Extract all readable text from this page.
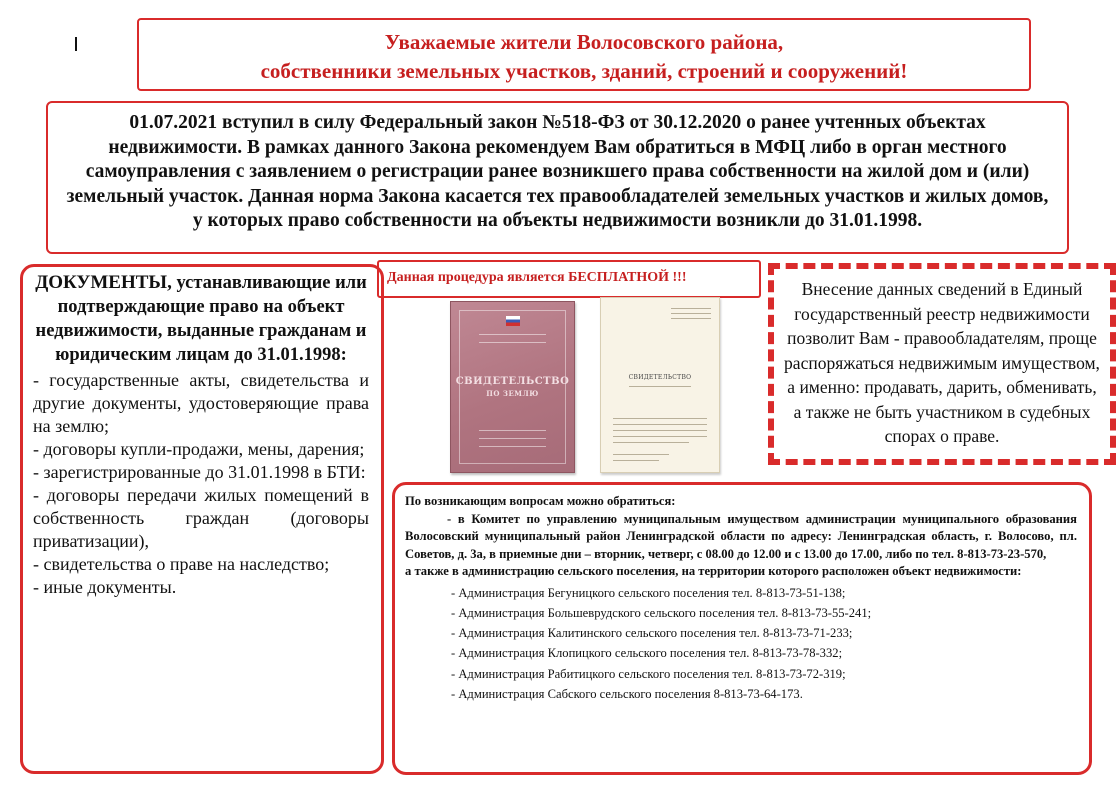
Уважаемые жители Волосовского района,
собственники земельных участков, зданий, строений и сооружений!
01.07.2021 вступил в силу Федеральный закон №518-ФЗ от 30.12.2020 о ранее учтенных объектах недвижимости. В рамках данного Закона рекомендуем Вам обратиться в МФЦ либо в орган местного самоуправления с заявлением о регистрации ранее возникшего права собственности на жилой дом и (или) земельный участок. Данная норма Закона касается тех правообладателей земельных участков и жилых домов, у которых право собственности на объекты недвижимости возникли до 31.01.1998.
ДОКУМЕНТЫ, устанавливающие или подтверждающие право на объект недвижимости, выданные гражданам и юридическим лицам до 31.01.1998:
- государственные акты, свидетельства и другие документы, удостоверяющие права на землю;
- договоры купли-продажи, мены, дарения;
- зарегистрированные до 31.01.1998 в БТИ:
- договоры передачи жилых помещений в собственность граждан (договоры приватизации),
- свидетельства о праве на наследство;
- иные документы.
Данная процедура является БЕСПЛАТНОЙ !!!
СВИДЕТЕЛЬСТВО
ПО ЗЕМЛЮ
СВИДЕТЕЛЬСТВО
Внесение данных сведений в Единый государственный реестр недвижимости позволит Вам - правообладателям, проще распоряжаться недвижимым имуществом, а именно: продавать, дарить, обменивать, а также не быть участником в судебных спорах о праве.
По возникающим вопросам можно обратиться:
- в Комитет по управлению муниципальным имуществом администрации муниципального образования Волосовский муниципальный район Ленинградской области по адресу: Ленинградская область, г. Волосово, пл. Советов, д. 3а, в приемные дни – вторник, четверг, с 08.00 до 12.00 и с 13.00 до 17.00, либо по тел. 8-813-73-23-570,
а также в администрацию сельского поселения, на территории которого расположен объект недвижимости:
- Администрация Бегуницкого сельского поселения тел. 8-813-73-51-138;
- Администрация Большеврудского сельского поселения тел. 8-813-73-55-241;
- Администрация Калитинского сельского поселения тел. 8-813-73-71-233;
- Администрация Клопицкого сельского поселения тел. 8-813-73-78-332;
- Администрация Рабитицкого сельского поселения тел. 8-813-73-72-319;
- Администрация Сабского сельского поселения 8-813-73-64-173.
